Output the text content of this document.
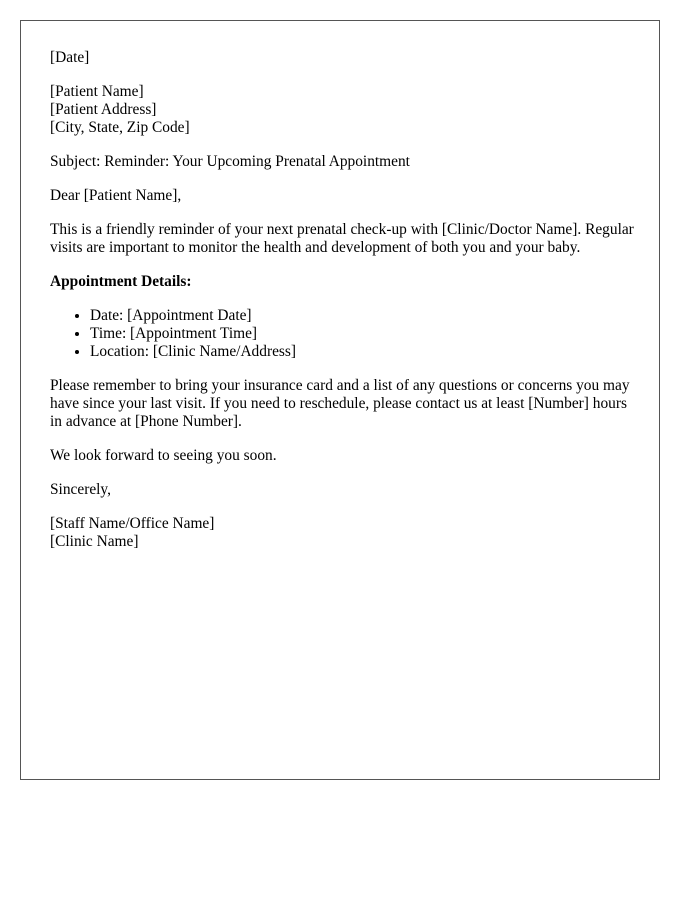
[Date]

[Patient Name]
[Patient Address]
[City, State, Zip Code]

Subject: Reminder: Your Upcoming Prenatal Appointment

Dear [Patient Name],

This is a friendly reminder of your next prenatal check-up with [Clinic/Doctor Name]. Regular visits are important to monitor the health and development of both you and your baby.

Appointment Details:

• Date: [Appointment Date]
• Time: [Appointment Time]
• Location: [Clinic Name/Address]

Please remember to bring your insurance card and a list of any questions or concerns you may have since your last visit. If you need to reschedule, please contact us at least [Number] hours in advance at [Phone Number].

We look forward to seeing you soon.

Sincerely,

[Staff Name/Office Name]
[Clinic Name]
